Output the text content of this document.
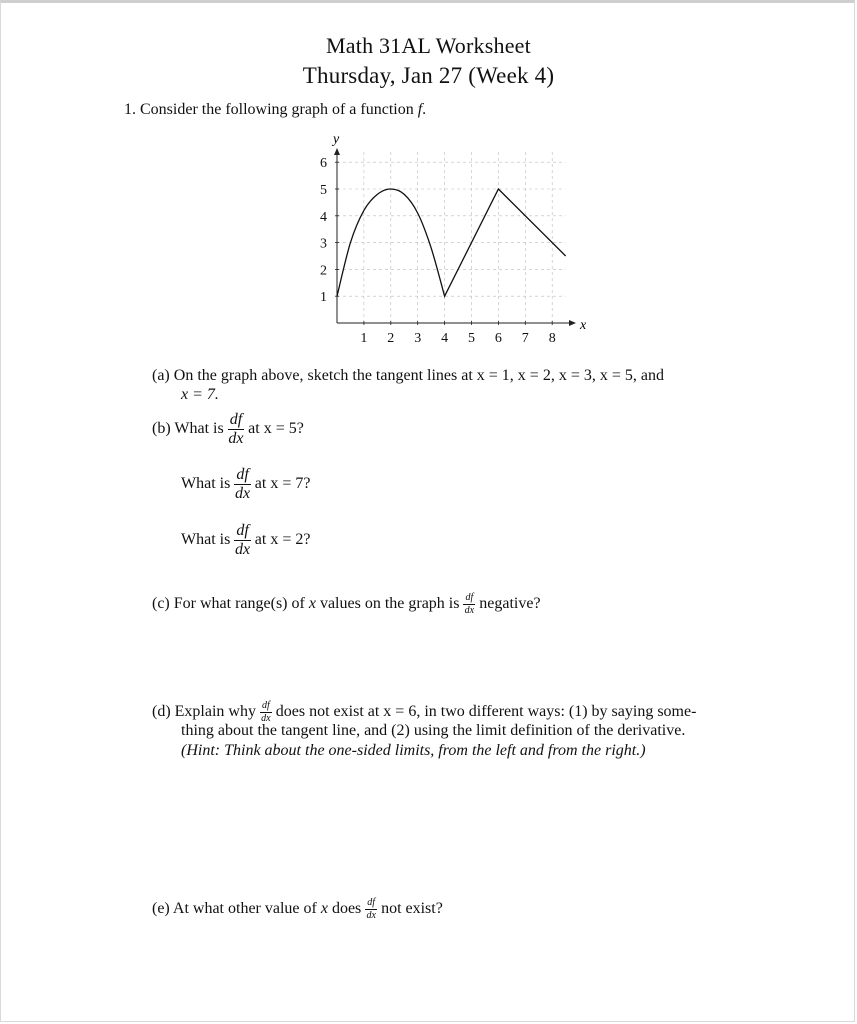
Math 31AL Worksheet
Thursday, Jan 27 (Week 4)
1. Consider the following graph of a function f.
1 2 3 4 5 6 7 8
1
2
3
4
5
6
x
y
(a) On the graph above, sketch the tangent lines at x = 1, x = 2, x = 3, x = 5, and
x = 7.
(b) What is $\frac{df}{dx}$ at x = 5?
What is $\frac{df}{dx}$ at x = 7?
What is $\frac{df}{dx}$ at x = 2?
(c) For what range(s) of x values on the graph is $\frac{df}{dx}$ negative?
(d) Explain why $\frac{df}{dx}$ does not exist at x = 6, in two different ways: (1) by saying some-
thing about the tangent line, and (2) using the limit definition of the derivative.
(Hint: Think about the one-sided limits, from the left and from the right.)
(e) At what other value of x does $\frac{df}{dx}$ not exist?
